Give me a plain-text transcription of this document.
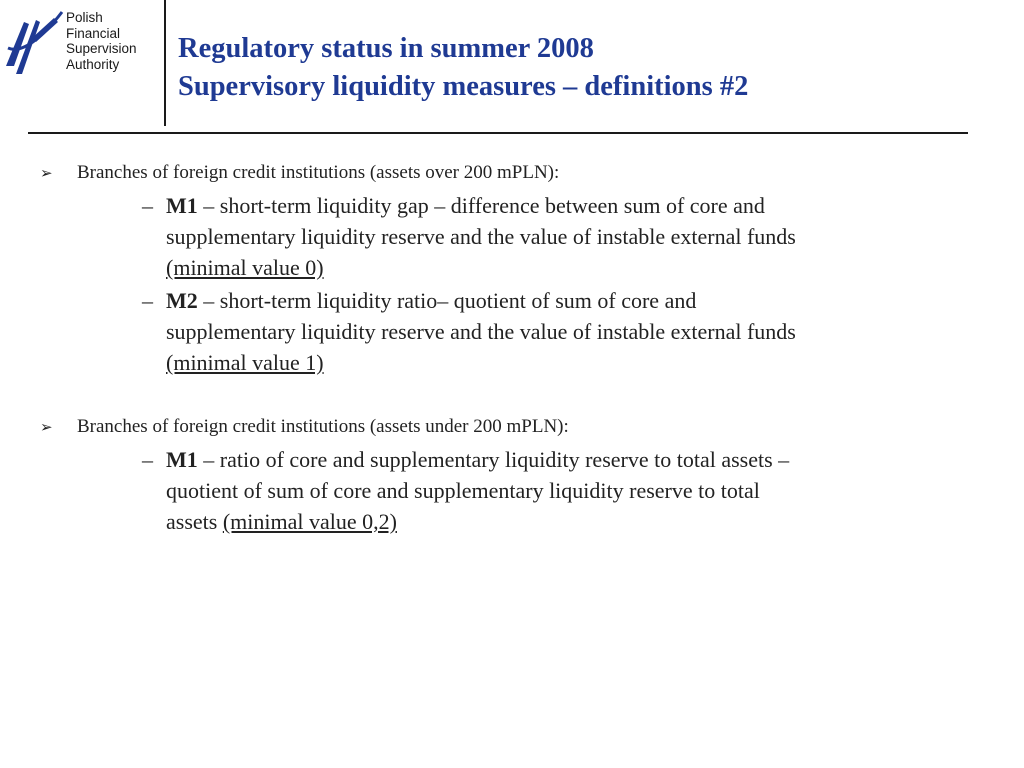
Polish
Financial
Supervision
Authority	Regulatory status in summer 2008
Supervisory liquidity measures – definitions #2
➢	Branches of foreign credit institutions (assets over 200 mPLN):
– M1 – short-term liquidity gap – difference between sum of core and
supplementary liquidity reserve and the value of instable external funds
(minimal value 0)
– M2 – short-term liquidity ratio– quotient of sum of core and
supplementary liquidity reserve and the value of instable external funds
(minimal value 1)
➢	Branches of foreign credit institutions (assets under 200 mPLN):
– M1 – ratio of core and supplementary liquidity reserve to total assets –
quotient of sum of core and supplementary liquidity reserve to total
assets (minimal value 0,2)
